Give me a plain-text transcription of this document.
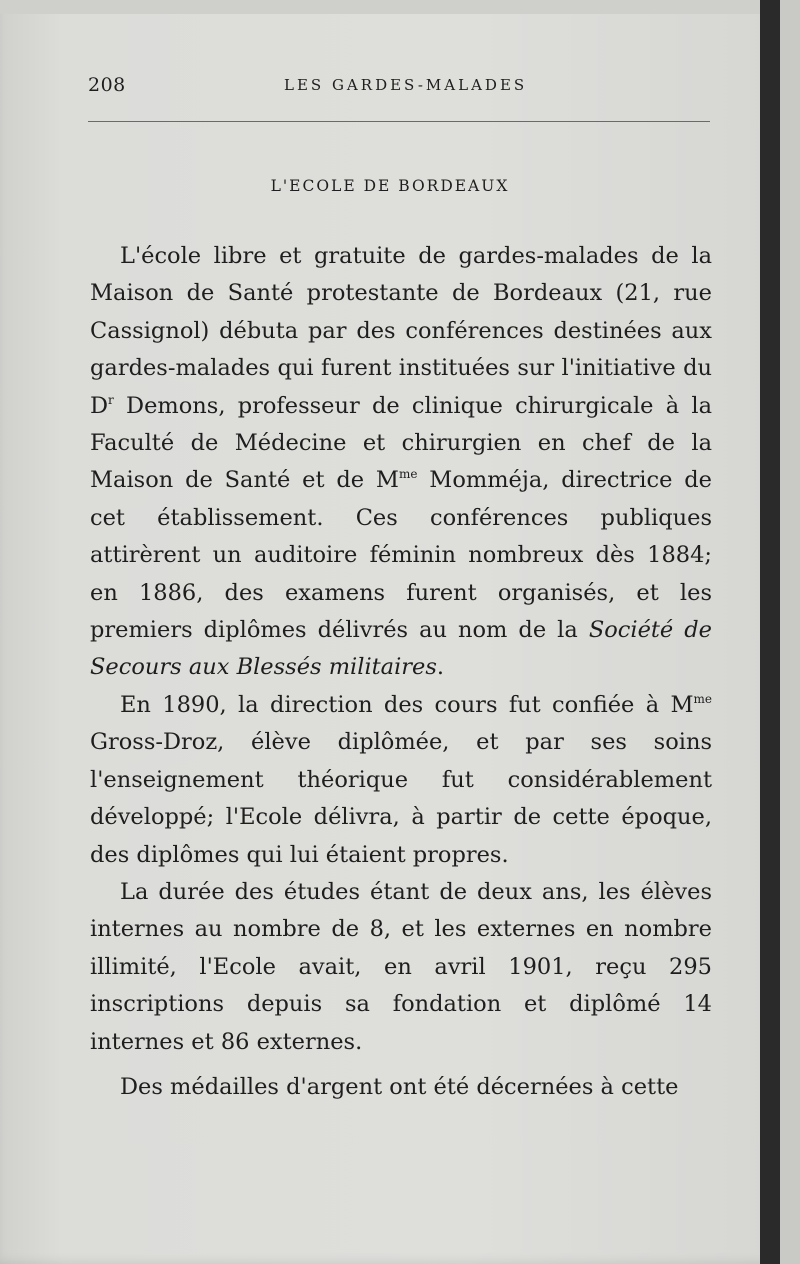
208	LES GARDES-MALADES
L'ECOLE DE BORDEAUX

L'école libre et gratuite de gardes-malades de la Maison de Santé protestante de Bordeaux (21, rue Cassignol) débuta par des conférences destinées aux gardes-malades qui furent instituées sur l'initiative du $D^r$ Demons, professeur de clinique chirurgicale à la Faculté de Médecine et chirurgien en chef de la Maison de Santé et de $M^{me}$ Momméja, directrice de cet établissement. Ces conférences publiques attirèrent un auditoire féminin nombreux dès 1884; en 1886, des examens furent organisés, et les premiers diplômes délivrés au nom de la Société de Secours aux Blessés militaires.

En 1890, la direction des cours fut confiée à $M^{me}$ Gross-Droz, élève diplômée, et par ses soins l'enseignement théorique fut considérablement développé; l'Ecole délivra, à partir de cette époque, des diplômes qui lui étaient propres.

La durée des études étant de deux ans, les élèves internes au nombre de 8, et les externes en nombre illimité, l'Ecole avait, en avril 1901, reçu 295 inscriptions depuis sa fondation et diplômé 14 internes et 86 externes.

Des médailles d'argent ont été décernées à cette
